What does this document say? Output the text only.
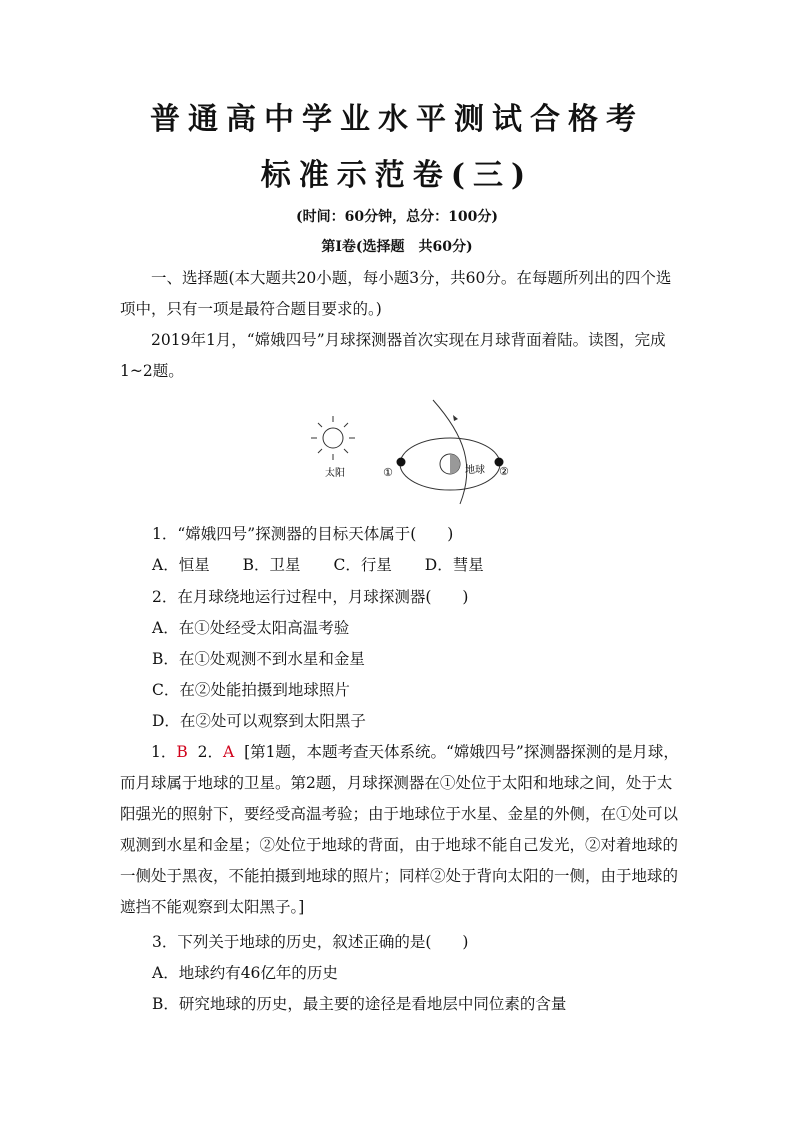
普通高中学业水平测试合格考
标准示范卷(三)
(时间：60分钟，总分：100分)
第Ⅰ卷(选择题　共60分)
一、选择题(本大题共20小题，每小题3分，共60分。在每题所列出的四个选项中，只有一项是最符合题目要求的。)
2019年1月，“嫦娥四号”月球探测器首次实现在月球背面着陆。读图，完成1~2题。
太阳	地球
①	②
1．“嫦娥四号”探测器的目标天体属于(　　)
A．恒星 B．卫星 C．行星 D．彗星
2．在月球绕地运行过程中，月球探测器(　　)
A．在①处经受太阳高温考验
B．在①处观测不到水星和金星
C．在②处能拍摄到地球照片
D．在②处可以观察到太阳黑子
1．B 2．A [第1题，本题考查天体系统。“嫦娥四号”探测器探测的是月球，而月球属于地球的卫星。第2题，月球探测器在①处位于太阳和地球之间，处于太阳强光的照射下，要经受高温考验；由于地球位于水星、金星的外侧，在①处可以观测到水星和金星；②处位于地球的背面，由于地球不能自己发光，②对着地球的一侧处于黑夜，不能拍摄到地球的照片；同样②处于背向太阳的一侧，由于地球的遮挡不能观察到太阳黑子。]
3．下列关于地球的历史，叙述正确的是(　　)
A．地球约有46亿年的历史
B．研究地球的历史，最主要的途径是看地层中同位素的含量
